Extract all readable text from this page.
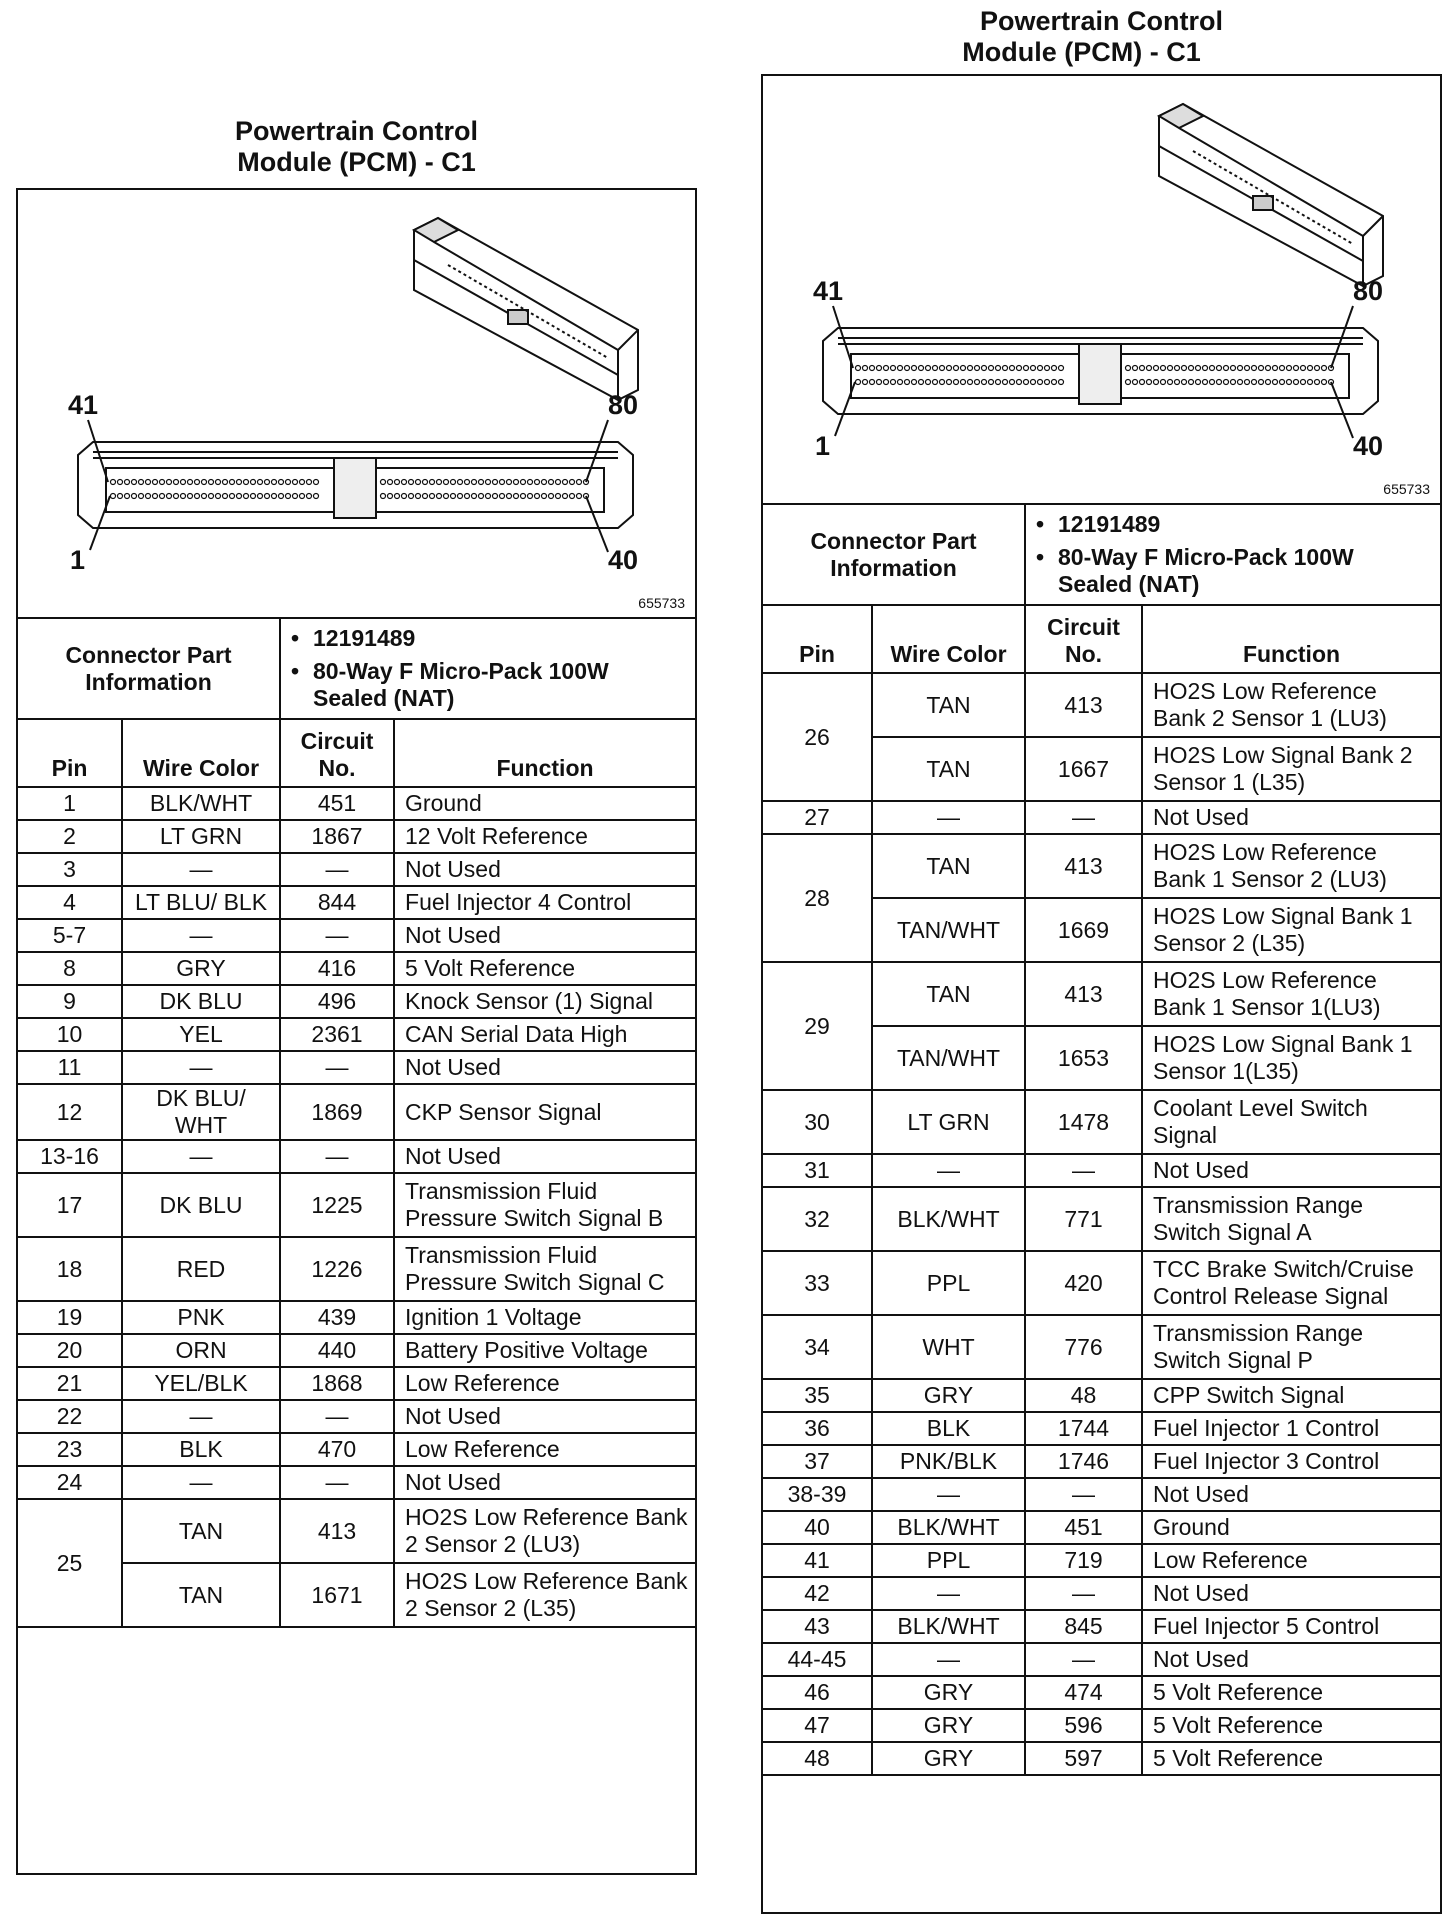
Powertrain Control
Module (PCM) - C1
41	80
1	40
655733
Connector Part Information		• 12191489
• 80-Way F Micro-Pack 100W Sealed (NAT)	

Pin	Wire Color	Circuit No.	Function
1	BLK/WHT	451	Ground
2	LT GRN	1867	12 Volt Reference
3	—	—	Not Used
4	LT BLU/ BLK	844	Fuel Injector 4 Control
5-7	—	—	Not Used
8	GRY	416	5 Volt Reference
9	DK BLU	496	Knock Sensor (1) Signal
10	YEL	2361	CAN Serial Data High
11	—	—	Not Used
12	DK BLU/ WHT	1869	CKP Sensor Signal
13-16	—	—	Not Used
17	DK BLU	1225	Transmission Fluid Pressure Switch Signal B
18	RED	1226	Transmission Fluid Pressure Switch Signal C
19	PNK	439	Ignition 1 Voltage
20	ORN	440	Battery Positive Voltage
21	YEL/BLK	1868	Low Reference
22	—	—	Not Used
23	BLK	470	Low Reference
24	—	—	Not Used
25	TAN	413	HO2S Low Reference Bank 2 Sensor 2 (LU3)
	TAN	1671	HO2S Low Reference Bank 2 Sensor 2 (L35)
Powertrain Control
Module (PCM) - C1
41	80
1	40
655733
Connector Part Information		• 12191489
• 80-Way F Micro-Pack 100W Sealed (NAT)	

Pin	Wire Color	Circuit No.	Function
26	TAN	413	HO2S Low Reference Bank 2 Sensor 1 (LU3)
	TAN	1667	HO2S Low Signal Bank 2 Sensor 1 (L35)
27	—	—	Not Used
28	TAN	413	HO2S Low Reference Bank 1 Sensor 2 (LU3)
	TAN/WHT	1669	HO2S Low Signal Bank 1 Sensor 2 (L35)
29	TAN	413	HO2S Low Reference Bank 1 Sensor 1(LU3)
	TAN/WHT	1653	HO2S Low Signal Bank 1 Sensor 1(L35)
30	LT GRN	1478	Coolant Level Switch Signal
31	—	—	Not Used
32	BLK/WHT	771	Transmission Range Switch Signal A
33	PPL	420	TCC Brake Switch/Cruise Control Release Signal
34	WHT	776	Transmission Range Switch Signal P
35	GRY	48	CPP Switch Signal
36	BLK	1744	Fuel Injector 1 Control
37	PNK/BLK	1746	Fuel Injector 3 Control
38-39	—	—	Not Used
40	BLK/WHT	451	Ground
41	PPL	719	Low Reference
42	—	—	Not Used
43	BLK/WHT	845	Fuel Injector 5 Control
44-45	—	—	Not Used
46	GRY	474	5 Volt Reference
47	GRY	596	5 Volt Reference
48	GRY	597	5 Volt Reference
